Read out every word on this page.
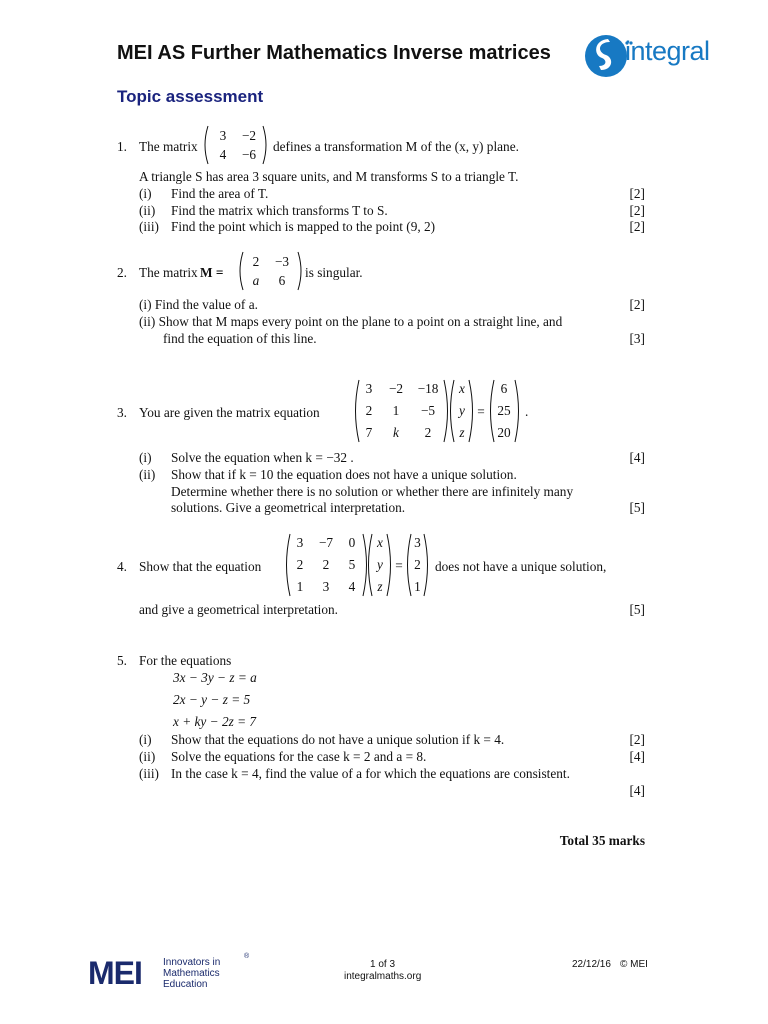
MEI AS Further Mathematics Inverse matrices	integral
Topic assessment
1. The matrix
3 −2
4 −6
defines a transformation M of the (x, y) plane.
A triangle S has area 3 square units, and M transforms S to a triangle T.
(i) Find the area of T.	[2]
(ii) Find the matrix which transforms T to S.	[2]
(iii) Find the point which is mapped to the point (9, 2)	[2]
2. The matrix M =
2 −3
a 6
is singular.
(i) Find the value of a.	[2]
(ii) Show that M maps every point on the plane to a point on a straight line, and
find the equation of this line.	[3]
3. You are given the matrix equation
3 −2 −18
2 1 −5
7 k 2
x
y
z
=
6
25
20
.
(i) Solve the equation when k = −32 .	[4]
(ii) Show that if k = 10 the equation does not have a unique solution.
Determine whether there is no solution or whether there are infinitely many
solutions. Give a geometrical interpretation.	[5]
4. Show that the equation
3 −7 0
2 2 5
1 3 4
x
y
z
=
3
2
1
does not have a unique solution,
and give a geometrical interpretation.	[5]
5. For the equations
3x − 3y − z = a
2x − y − z = 5
x + ky − 2z = 7
(i) Show that the equations do not have a unique solution if k = 4.	[2]
(ii) Solve the equations for the case k = 2 and a = 8.	[4]
(iii) In the case k = 4, find the value of a for which the equations are consistent.
[4]
Total 35 marks
MEI Innovators in
Mathematics
Education
®
1 of 3
integralmaths.org
22/12/16 © MEI
